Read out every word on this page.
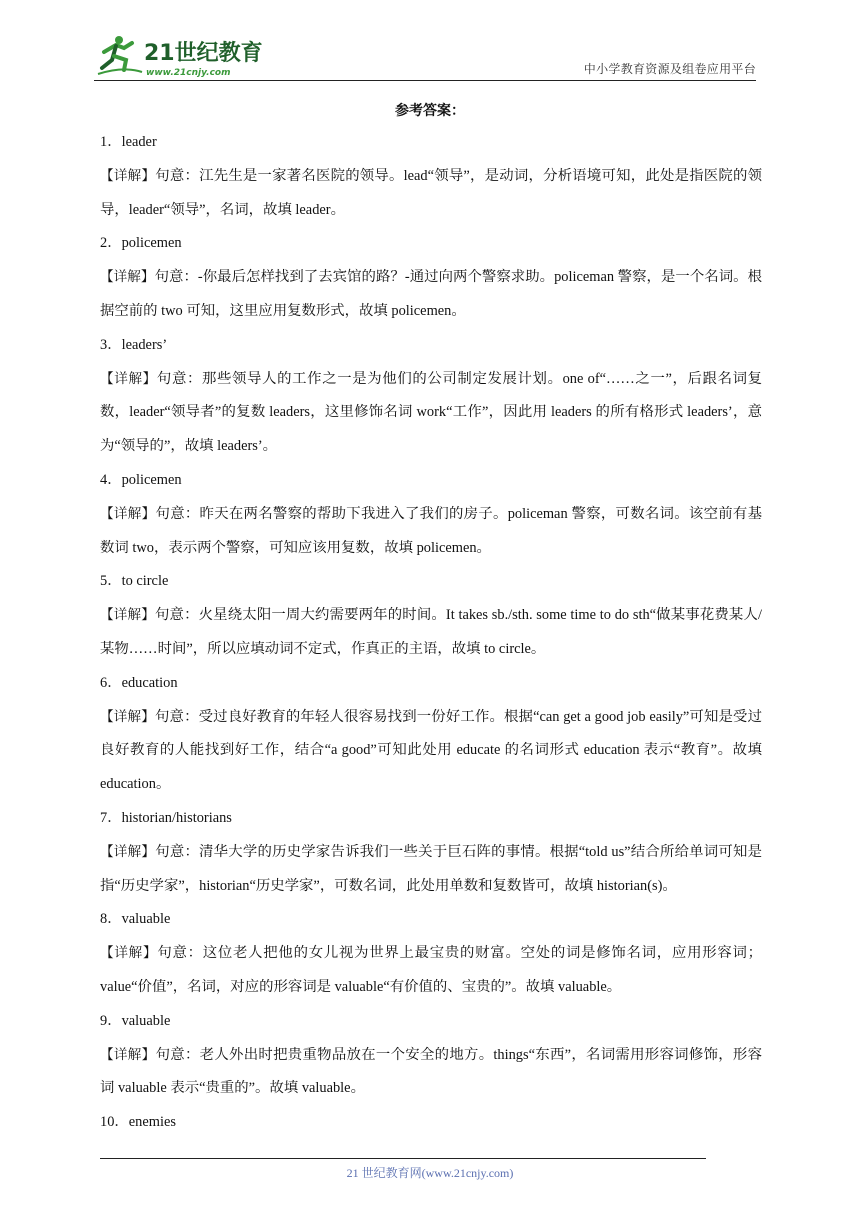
21世纪教育
www.21cnjy.com	中小学教育资源及组卷应用平台
参考答案：

1．leader

【详解】句意：江先生是一家著名医院的领导。lead“领导”，是动词，分析语境可知，此处是指医院的领导，leader“领导”，名词，故填 leader。

2．policemen

【详解】句意：-你最后怎样找到了去宾馆的路？-通过向两个警察求助。policeman 警察，是一个名词。根据空前的 two 可知，这里应用复数形式，故填 policemen。

3．leaders’

【详解】句意：那些领导人的工作之一是为他们的公司制定发展计划。one of“……之一”，后跟名词复数，leader“领导者”的复数 leaders，这里修饰名词 work“工作”，因此用 leaders 的所有格形式 leaders’，意为“领导的”，故填 leaders’。

4．policemen

【详解】句意：昨天在两名警察的帮助下我进入了我们的房子。policeman 警察，可数名词。该空前有基数词 two，表示两个警察，可知应该用复数，故填 policemen。

5．to circle

【详解】句意：火星绕太阳一周大约需要两年的时间。It takes sb./sth. some time to do sth“做某事花费某人/某物……时间”，所以应填动词不定式，作真正的主语，故填 to circle。

6．education

【详解】句意：受过良好教育的年轻人很容易找到一份好工作。根据“can get a good job easily”可知是受过良好教育的人能找到好工作，结合“a good”可知此处用 educate 的名词形式 education 表示“教育”。故填 education。

7．historian/historians

【详解】句意：清华大学的历史学家告诉我们一些关于巨石阵的事情。根据“told us”结合所给单词可知是指“历史学家”，historian“历史学家”，可数名词，此处用单数和复数皆可，故填 historian(s)。

8．valuable

【详解】句意：这位老人把他的女儿视为世界上最宝贵的财富。空处的词是修饰名词，应用形容词；value“价值”，名词，对应的形容词是 valuable“有价值的、宝贵的”。故填 valuable。

9．valuable

【详解】句意：老人外出时把贵重物品放在一个安全的地方。things“东西”，名词需用形容词修饰，形容词 valuable 表示“贵重的”。故填 valuable。

10．enemies

21 世纪教育网(www.21cnjy.com)
